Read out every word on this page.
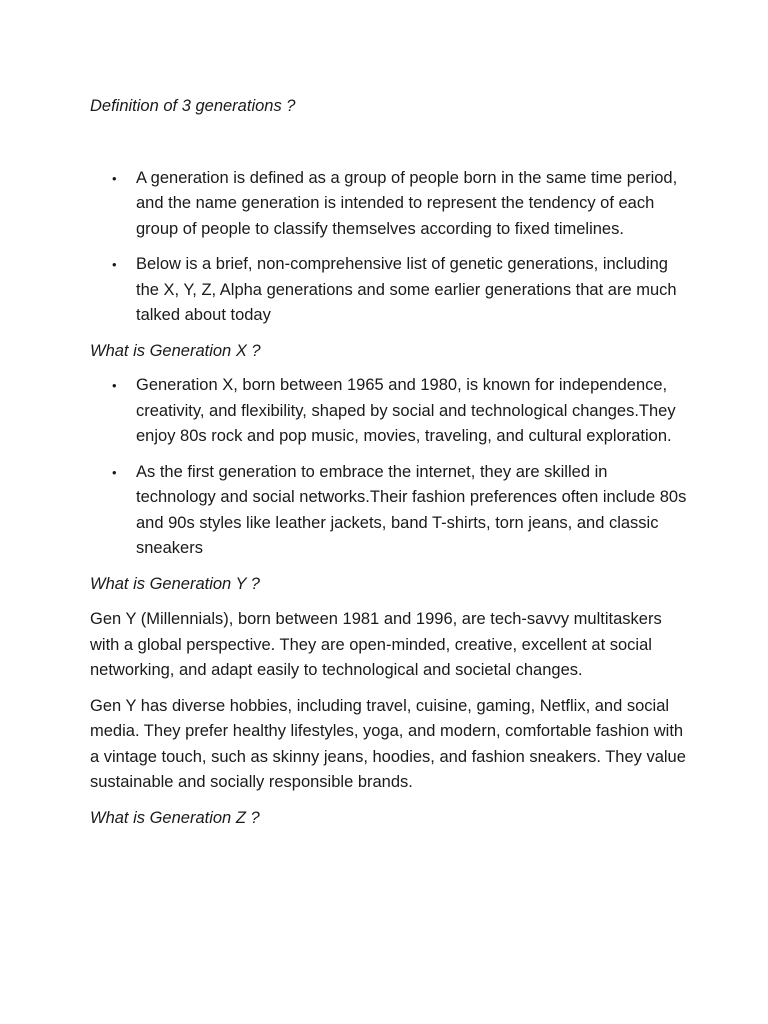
Definition of 3 generations ?

• A generation is defined as a group of people born in the same time period, and the name generation is intended to represent the tendency of each group of people to classify themselves according to fixed timelines.
• Below is a brief, non-comprehensive list of genetic generations, including the X, Y, Z, Alpha generations and some earlier generations that are much talked about today

What is Generation X ?

• Generation X, born between 1965 and 1980, is known for independence, creativity, and flexibility, shaped by social and technological changes.They enjoy 80s rock and pop music, movies, traveling, and cultural exploration.
• As the first generation to embrace the internet, they are skilled in technology and social networks.Their fashion preferences often include 80s and 90s styles like leather jackets, band T-shirts, torn jeans, and classic sneakers

What is Generation Y ?

Gen Y (Millennials), born between 1981 and 1996, are tech-savvy multitaskers with a global perspective. They are open-minded, creative, excellent at social networking, and adapt easily to technological and societal changes.

Gen Y has diverse hobbies, including travel, cuisine, gaming, Netflix, and social media. They prefer healthy lifestyles, yoga, and modern, comfortable fashion with a vintage touch, such as skinny jeans, hoodies, and fashion sneakers. They value sustainable and socially responsible brands.

What is Generation Z ?
